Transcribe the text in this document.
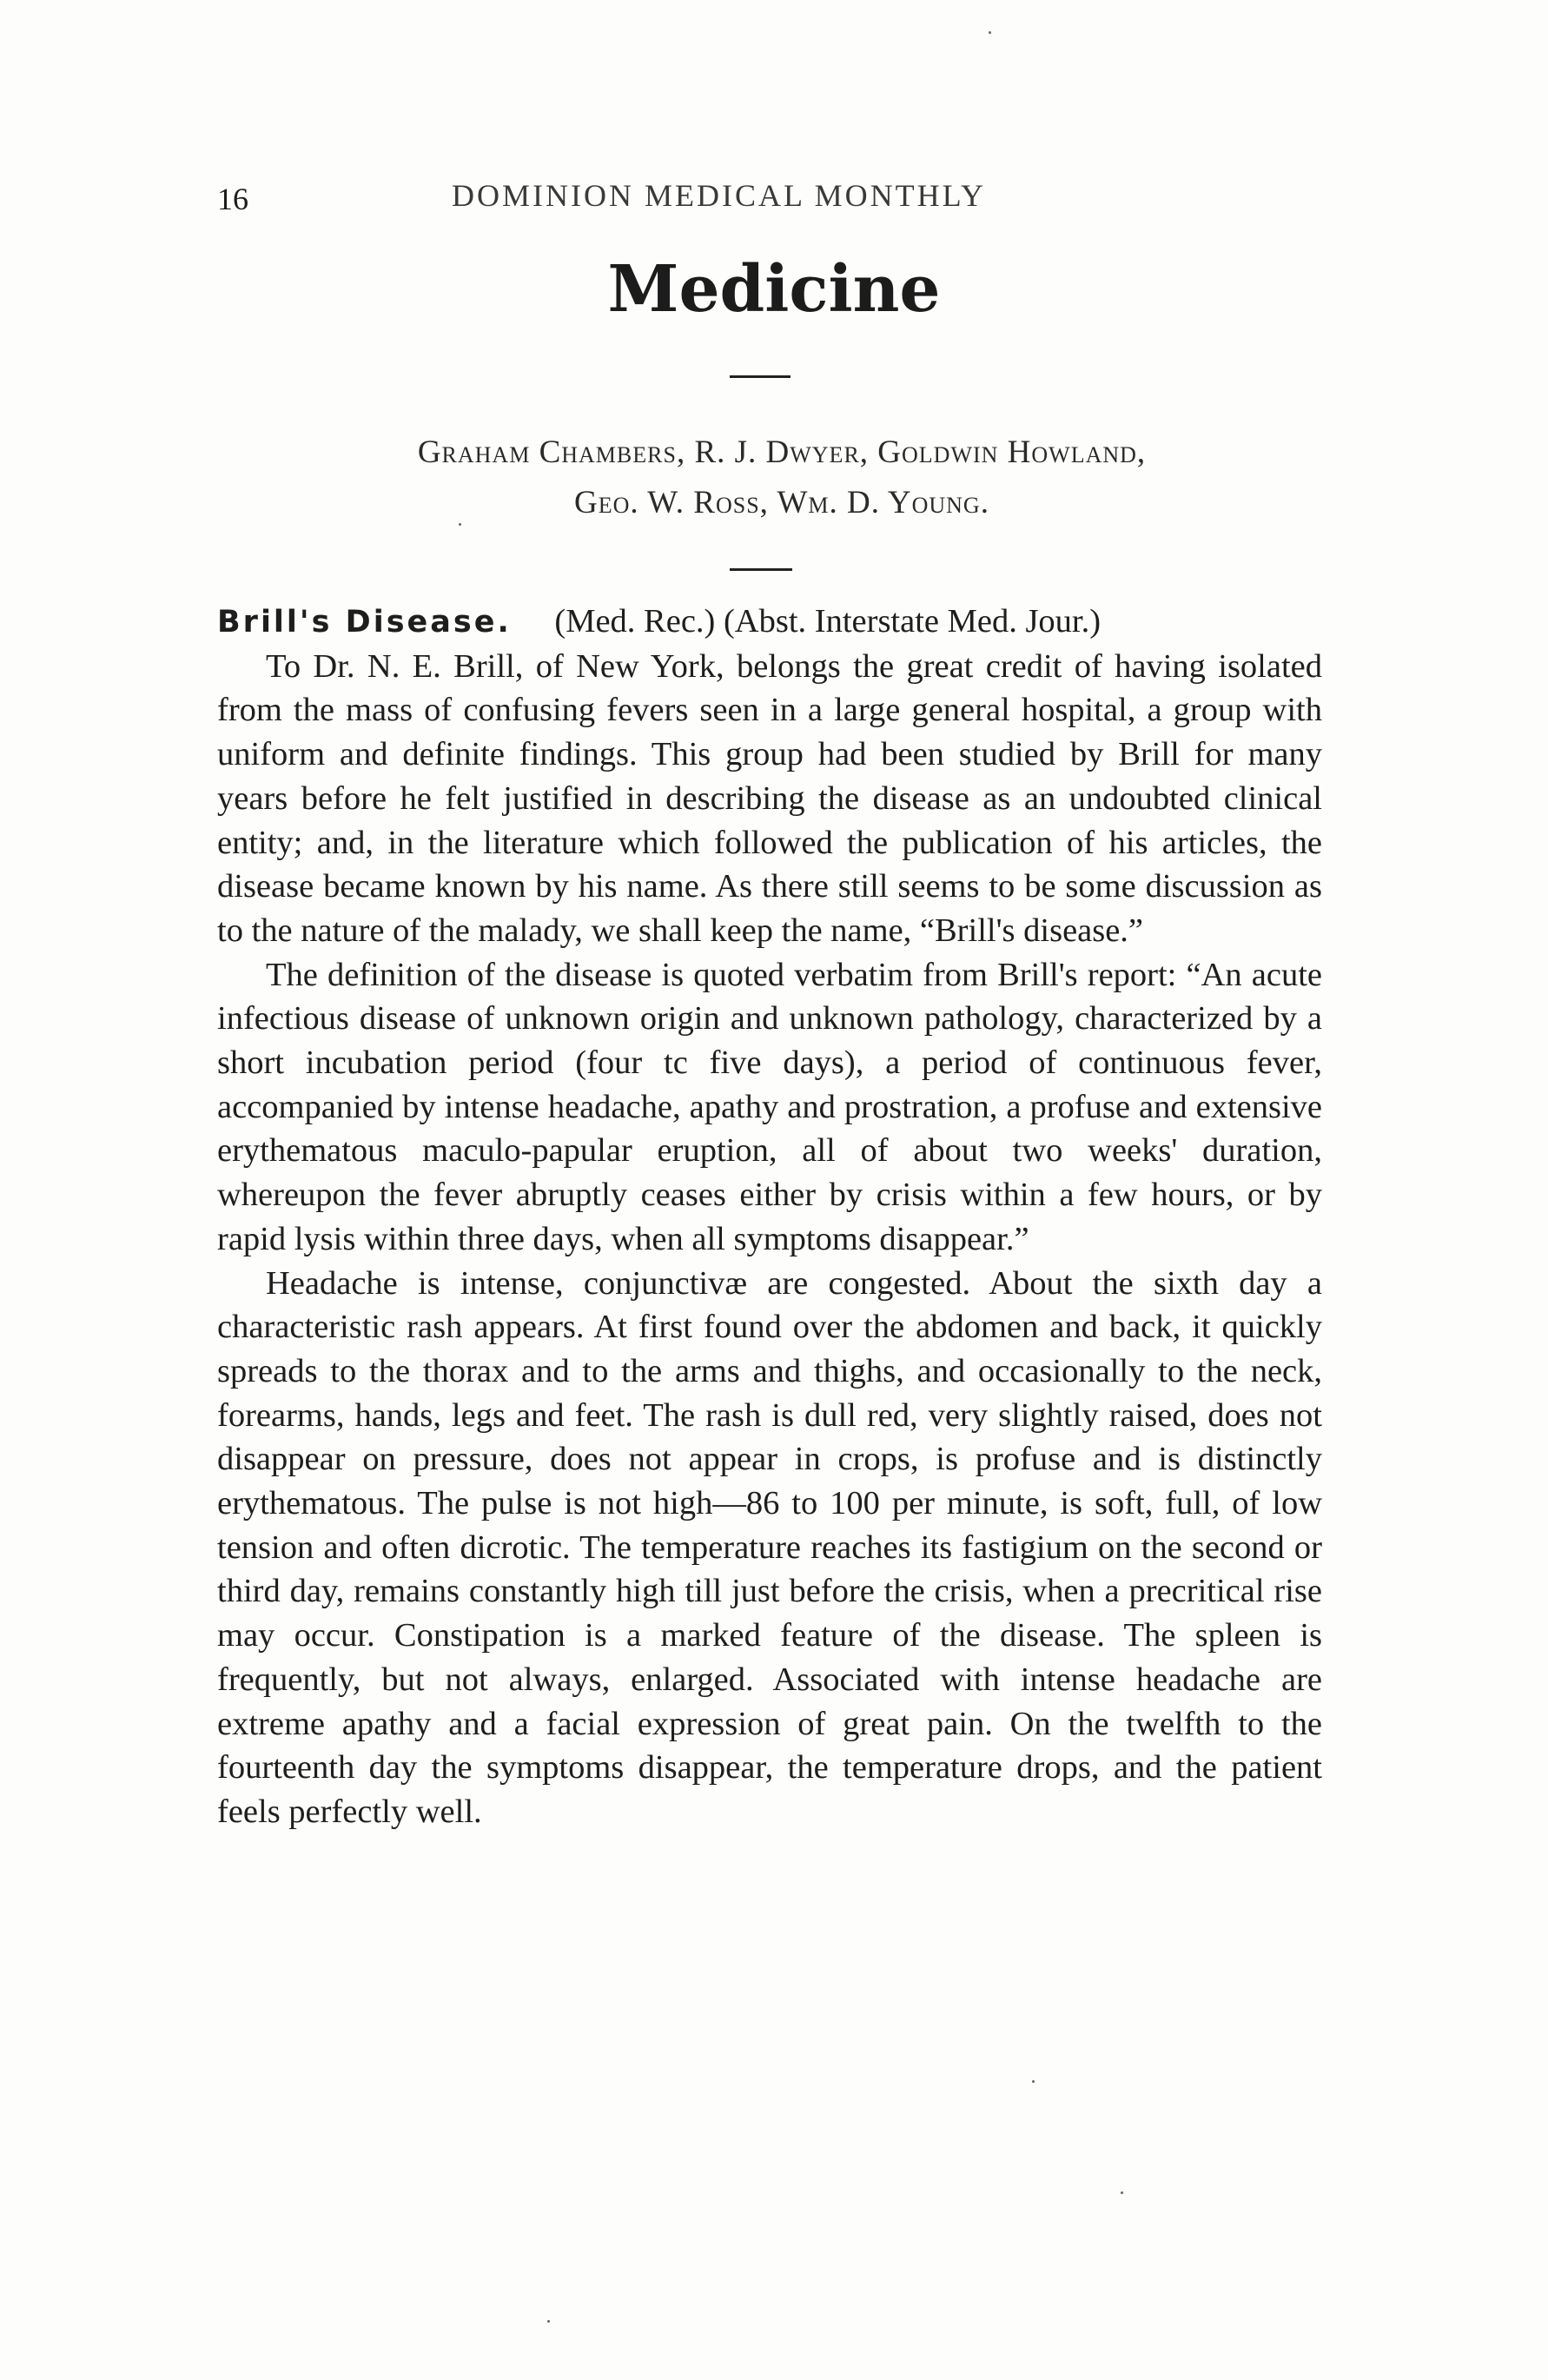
16	DOMINION MEDICAL MONTHLY
Medicine
Graham Chambers, R. J. Dwyer, Goldwin Howland,
Geo. W. Ross, Wm. D. Young.
Brill's Disease. (Med. Rec.) (Abst. Interstate Med. Jour.)

To Dr. N. E. Brill, of New York, belongs the great credit of having isolated from the mass of confusing fevers seen in a large general hospital, a group with uniform and definite findings. This group had been studied by Brill for many years before he felt justified in describing the disease as an undoubted clinical entity; and, in the literature which followed the publication of his articles, the disease became known by his name. As there still seems to be some discussion as to the nature of the malady, we shall keep the name, “Brill's disease.”

The definition of the disease is quoted verbatim from Brill's report: “An acute infectious disease of unknown origin and unknown pathology, characterized by a short incubation period (four tc five days), a period of continuous fever, accompanied by intense headache, apathy and prostration, a profuse and extensive erythematous maculo-papular eruption, all of about two weeks' duration, whereupon the fever abruptly ceases either by crisis within a few hours, or by rapid lysis within three days, when all symptoms disappear.”

Headache is intense, conjunctivæ are congested. About the sixth day a characteristic rash appears. At first found over the abdomen and back, it quickly spreads to the thorax and to the arms and thighs, and occasionally to the neck, forearms, hands, legs and feet. The rash is dull red, very slightly raised, does not disappear on pressure, does not appear in crops, is profuse and is distinctly erythematous. The pulse is not high—86 to 100 per minute, is soft, full, of low tension and often dicrotic. The temperature reaches its fastigium on the second or third day, remains constantly high till just before the crisis, when a precritical rise may occur. Constipation is a marked feature of the disease. The spleen is frequently, but not always, enlarged. Associated with intense headache are extreme apathy and a facial expression of great pain. On the twelfth to the fourteenth day the symptoms disappear, the temperature drops, and the patient feels perfectly well.
